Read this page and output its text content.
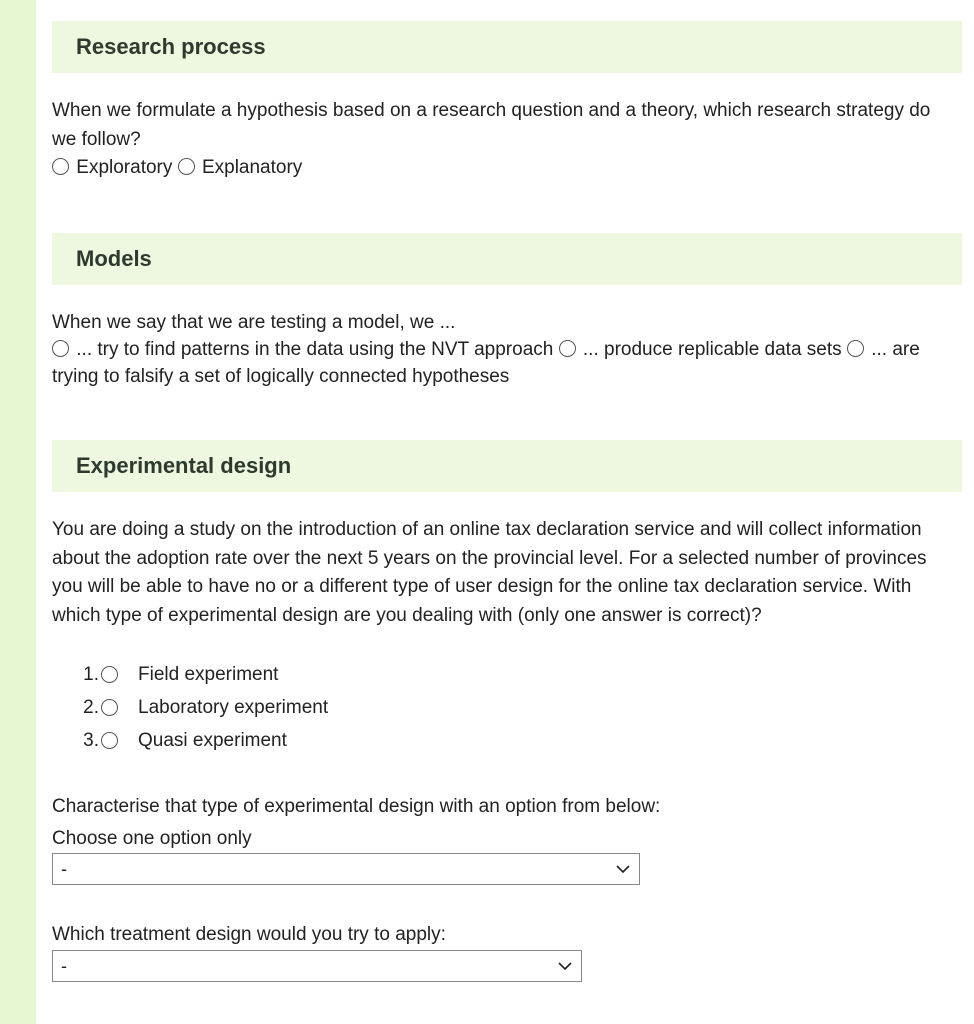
Research process
When we formulate a hypothesis based on a research question and a theory, which research strategy do we follow?
Exploratory Explanatory
Models
When we say that we are testing a model, we ...
... try to find patterns in the data using the NVT approach ... produce replicable data sets ... are trying to falsify a set of logically connected hypotheses
Experimental design
You are doing a study on the introduction of an online tax declaration service and will collect information about the adoption rate over the next 5 years on the provincial level. For a selected number of provinces you will be able to have no or a different type of user design for the online tax declaration service. With which type of experimental design are you dealing with (only one answer is correct)?
1. Field experiment
2. Laboratory experiment
3. Quasi experiment
Characterise that type of experimental design with an option from below:
Choose one option only
-
Which treatment design would you try to apply:
-
